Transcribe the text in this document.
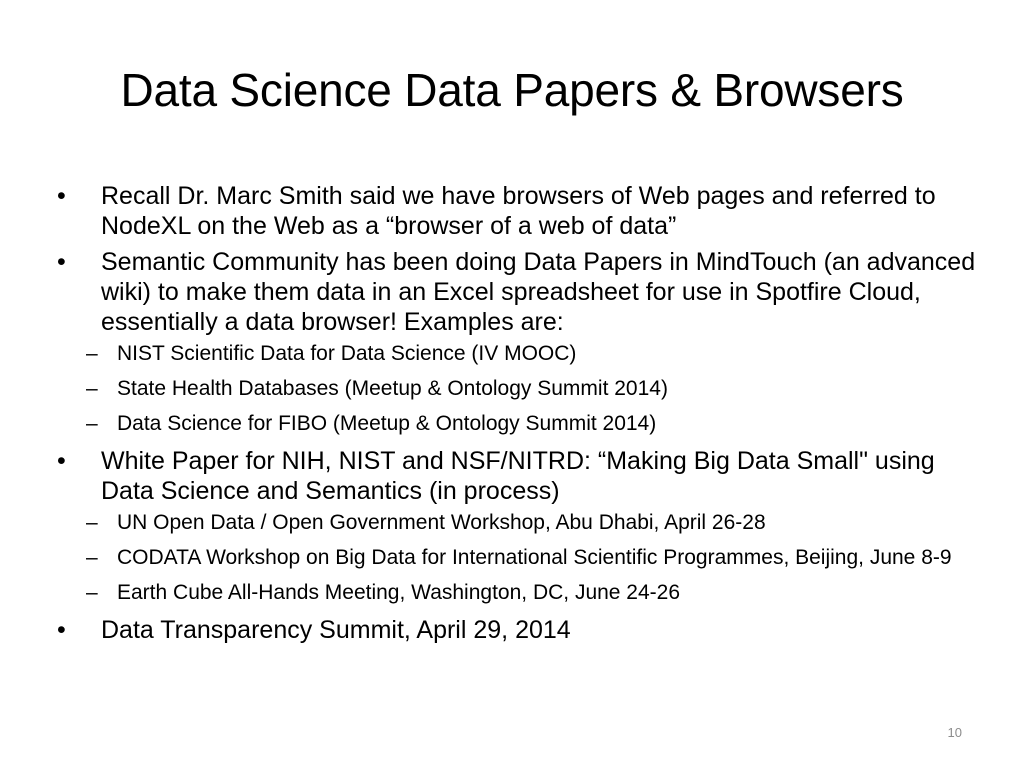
Data Science Data Papers & Browsers
• Recall Dr. Marc Smith said we have browsers of Web pages and referred to NodeXL on the Web as a “browser of a web of data”
• Semantic Community has been doing Data Papers in MindTouch (an advanced wiki) to make them data in an Excel spreadsheet for use in Spotfire Cloud, essentially a data browser! Examples are:
– NIST Scientific Data for Data Science (IV MOOC)
– State Health Databases (Meetup & Ontology Summit 2014)
– Data Science for FIBO (Meetup & Ontology Summit 2014)
• White Paper for NIH, NIST and NSF/NITRD: “Making Big Data Small" using Data Science and Semantics (in process)
– UN Open Data / Open Government Workshop, Abu Dhabi, April 26-28
– CODATA Workshop on Big Data for International Scientific Programmes, Beijing, June 8-9
– Earth Cube All-Hands Meeting, Washington, DC, June 24-26
• Data Transparency Summit, April 29, 2014
10
